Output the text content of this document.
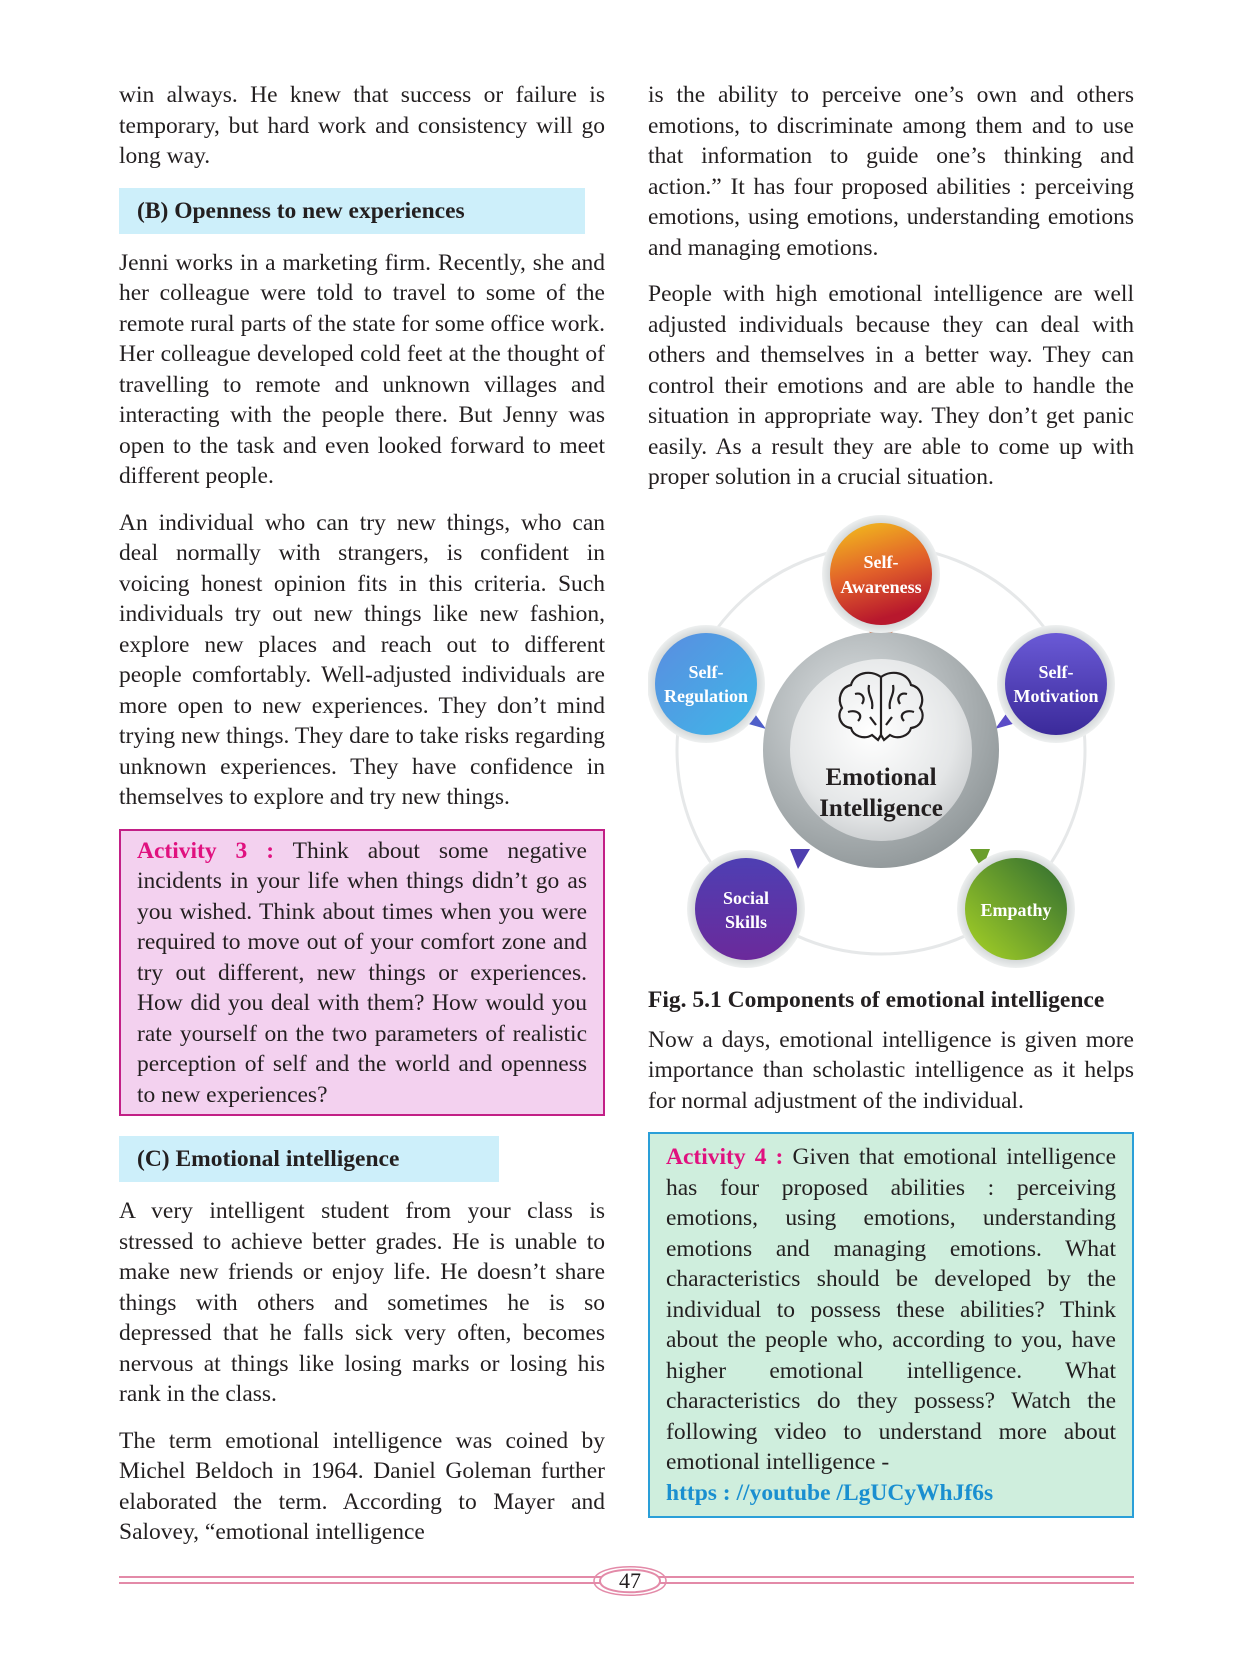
win always. He knew that success or failure is temporary, but hard work and consistency will go long way.

(B) Openness to new experiences

Jenni works in a marketing firm. Recently, she and her colleague were told to travel to some of the remote rural parts of the state for some office work. Her colleague developed cold feet at the thought of travelling to remote and unknown villages and interacting with the people there. But Jenny was open to the task and even looked forward to meet different people.

An individual who can try new things, who can deal normally with strangers, is confident in voicing honest opinion fits in this criteria. Such individuals try out new things like new fashion, explore new places and reach out to different people comfortably. Well-adjusted individuals are more open to new experiences. They don’t mind trying new things. They dare to take risks regarding unknown experiences. They have confidence in themselves to explore and try new things.

Activity 3 : Think about some negative incidents in your life when things didn’t go as you wished. Think about times when you were required to move out of your comfort zone and try out different, new things or experiences. How did you deal with them? How would you rate yourself on the two parameters of realistic perception of self and the world and openness to new experiences?
(C) Emotional intelligence

A very intelligent student from your class is stressed to achieve better grades. He is unable to make new friends or enjoy life. He doesn’t share things with others and sometimes he is so depressed that he falls sick very often, becomes nervous at things like losing marks or losing his rank in the class.

The term emotional intelligence was coined by Michel Beldoch in 1964. Daniel Goleman further elaborated the term. According to Mayer and Salovey, “emotional intelligence

is the ability to perceive one’s own and others emotions, to discriminate among them and to use that information to guide one’s thinking and action.” It has four proposed abilities : perceiving emotions, using emotions, understanding emotions and managing emotions.

People with high emotional intelligence are well adjusted individuals because they can deal with others and themselves in a better way. They can control their emotions and are able to handle the situation in appropriate way. They don’t get panic easily. As a result they are able to come up with proper solution in a crucial situation.

Emotional
Intelligence
Self-
Awareness
Self-
Motivation
Empathy
Social
Skills
Self-
Regulation
Fig. 5.1 Components of emotional intelligence

Now a days, emotional intelligence is given more importance than scholastic intelligence as it helps for normal adjustment of the individual.

Activity 4 : Given that emotional intelligence has four proposed abilities : perceiving emotions, using emotions, understanding emotions and managing emotions. What characteristics should be developed by the individual to possess these abilities? Think about the people who, according to you, have higher emotional intelligence. What characteristics do they possess? Watch the following video to understand more about emotional intelligence -
https : //youtube /LgUCyWhJf6s
47
